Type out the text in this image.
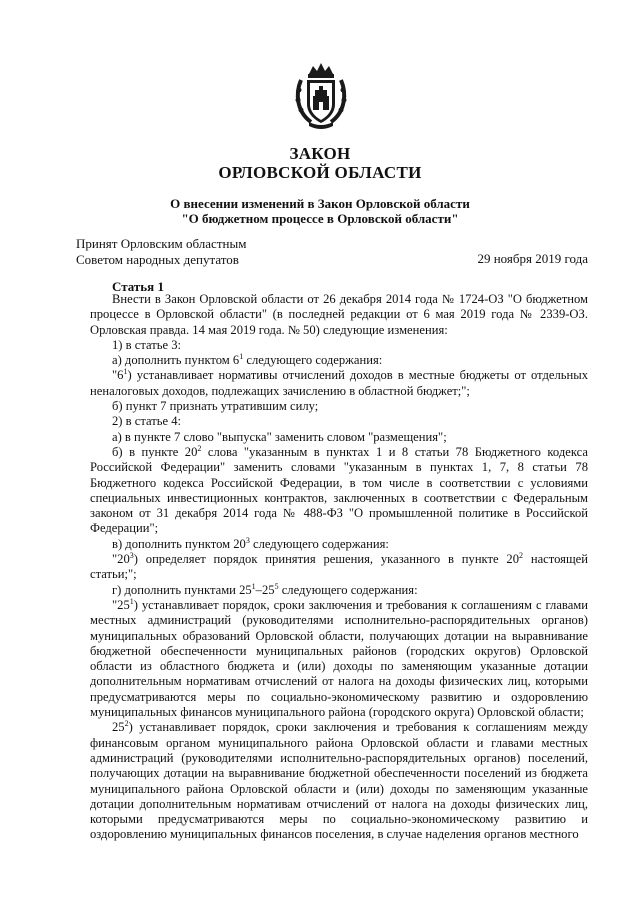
ЗАКОН
ОРЛОВСКОЙ ОБЛАСТИ
О внесении изменений в Закон Орловской области
"О бюджетном процессе в Орловской области"
Принят Орловским областным
Советом народных депутатов	29 ноября 2019 года
Статья 1

Внести в Закон Орловской области от 26 декабря 2014 года № 1724-ОЗ "О бюджетном процессе в Орловской области" (в последней редакции от 6 мая 2019 года № 2339-ОЗ. Орловская правда. 14 мая 2019 года. № 50) следующие изменения:

1) в статье 3:

а) дополнить пунктом $6^1$ следующего содержания:

"$6^1$) устанавливает нормативы отчислений доходов в местные бюджеты от отдельных неналоговых доходов, подлежащих зачислению в областной бюджет;";

б) пункт 7 признать утратившим силу;

2) в статье 4:

а) в пункте 7 слово "выпуска" заменить словом "размещения";

б) в пункте $20^2$ слова "указанным в пунктах 1 и 8 статьи 78 Бюджетного кодекса Российской Федерации" заменить словами "указанным в пунктах 1, 7, 8 статьи 78 Бюджетного кодекса Российской Федерации, в том числе в соответствии с условиями специальных инвестиционных контрактов, заключенных в соответствии с Федеральным законом от 31 декабря 2014 года № 488-ФЗ "О промышленной политике в Российской Федерации";

в) дополнить пунктом $20^3$ следующего содержания:

"$20^3$) определяет порядок принятия решения, указанного в пункте $20^2$ настоящей статьи;";

г) дополнить пунктами $25^1-25^5$ следующего содержания:

"$25^1$) устанавливает порядок, сроки заключения и требования к соглашениям с главами местных администраций (руководителями исполнительно-распорядительных органов) муниципальных образований Орловской области, получающих дотации на выравнивание бюджетной обеспеченности муниципальных районов (городских округов) Орловской области из областного бюджета и (или) доходы по заменяющим указанные дотации дополнительным нормативам отчислений от налога на доходы физических лиц, которыми предусматриваются меры по социально-экономическому развитию и оздоровлению муниципальных финансов муниципального района (городского округа) Орловской области;

$25^2$) устанавливает порядок, сроки заключения и требования к соглашениям между финансовым органом муниципального района Орловской области и главами местных администраций (руководителями исполнительно-распорядительных органов) поселений, получающих дотации на выравнивание бюджетной обеспеченности поселений из бюджета муниципального района Орловской области и (или) доходы по заменяющим указанные дотации дополнительным нормативам отчислений от налога на доходы физических лиц, которыми предусматриваются меры по социально-экономическому развитию и оздоровлению муниципальных финансов поселения, в случае наделения органов местного
